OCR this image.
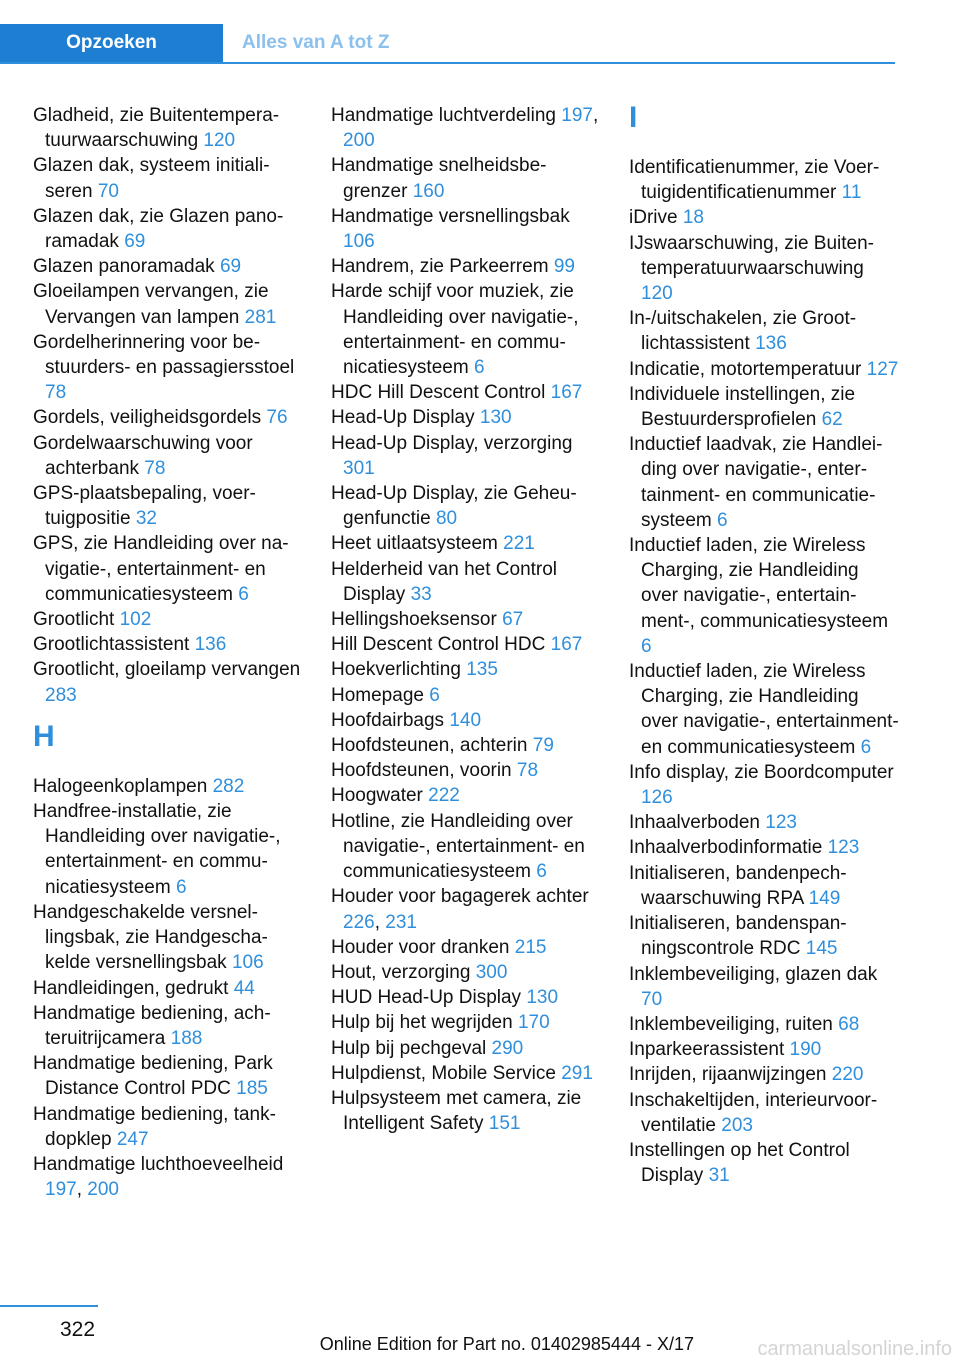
Opzoeken	Alles van A tot Z
Gladheid, zie Buitentemperatuurwaarschuwing 120
Glazen dak, systeem initialiseren 70
Glazen dak, zie Glazen panoramadak 69
Glazen panoramadak 69
Gloeilampen vervangen, zie Vervangen van lampen 281
Gordelherinnering voor bestuurders- en passagiersstoel 78
Gordels, veiligheidsgordels 76
Gordelwaarschuwing voor achterbank 78
GPS-plaatsbepaling, voertuigpositie 32
GPS, zie Handleiding over navigatie-, entertainment- en communicatiesysteem 6
Grootlicht 102
Grootlichtassistent 136
Grootlicht, gloeilamp vervangen 283
H
Halogeenkoplampen 282
Handfree-installatie, zie Handleiding over navigatie-, entertainment- en communicatiesysteem 6
Handgeschakelde versnellingsbak, zie Handgeschakelde versnellingsbak 106
Handleidingen, gedrukt 44
Handmatige bediening, achteruitrijcamera 188
Handmatige bediening, Park Distance Control PDC 185
Handmatige bediening, tankdopklep 247
Handmatige luchthoeveelheid 197, 200
Handmatige luchtverdeling 197, 200
Handmatige snelheidsbegrenzer 160
Handmatige versnellingsbak 106
Handrem, zie Parkeerrem 99
Harde schijf voor muziek, zie Handleiding over navigatie-, entertainment- en communicatiesysteem 6
HDC Hill Descent Control 167
Head-Up Display 130
Head-Up Display, verzorging 301
Head-Up Display, zie Geheugenfunctie 80
Heet uitlaatsysteem 221
Helderheid van het Control Display 33
Hellingshoeksensor 67
Hill Descent Control HDC 167
Hoekverlichting 135
Homepage 6
Hoofdairbags 140
Hoofdsteunen, achterin 79
Hoofdsteunen, voorin 78
Hoogwater 222
Hotline, zie Handleiding over navigatie-, entertainment- en communicatiesysteem 6
Houder voor bagagerek achter 226, 231
Houder voor dranken 215
Hout, verzorging 300
HUD Head-Up Display 130
Hulp bij het wegrijden 170
Hulp bij pechgeval 290
Hulpdienst, Mobile Service 291
Hulpsysteem met camera, zie Intelligent Safety 151
I
Identificatienummer, zie Voertuigidentificatienummer 11
iDrive 18
IJswaarschuwing, zie Buitentemperatuurwaarschuwing 120
In-/uitschakelen, zie Grootlichtassistent 136
Indicatie, motortemperatuur 127
Individuele instellingen, zie Bestuurdersprofielen 62
Inductief laadvak, zie Handleiding over navigatie-, entertainment- en communicatiesysteem 6
Inductief laden, zie Wireless Charging, zie Handleiding over navigatie-, entertainment-, communicatiesysteem 6
Inductief laden, zie Wireless Charging, zie Handleiding over navigatie-, entertainment- en communicatiesysteem 6
Info display, zie Boordcomputer 126
Inhaalverboden 123
Inhaalverbodinformatie 123
Initialiseren, bandenpechwaarschuwing RPA 149
Initialiseren, bandenspanningscontrole RDC 145
Inklembeveiliging, glazen dak 70
Inklembeveiliging, ruiten 68
Inparkeerassistent 190
Inrijden, rijaanwijzingen 220
Inschakeltijden, interieurvoorventilatie 203
Instellingen op het Control Display 31
322
Online Edition for Part no. 01402985444 - X/17	carmanualsonline.info
